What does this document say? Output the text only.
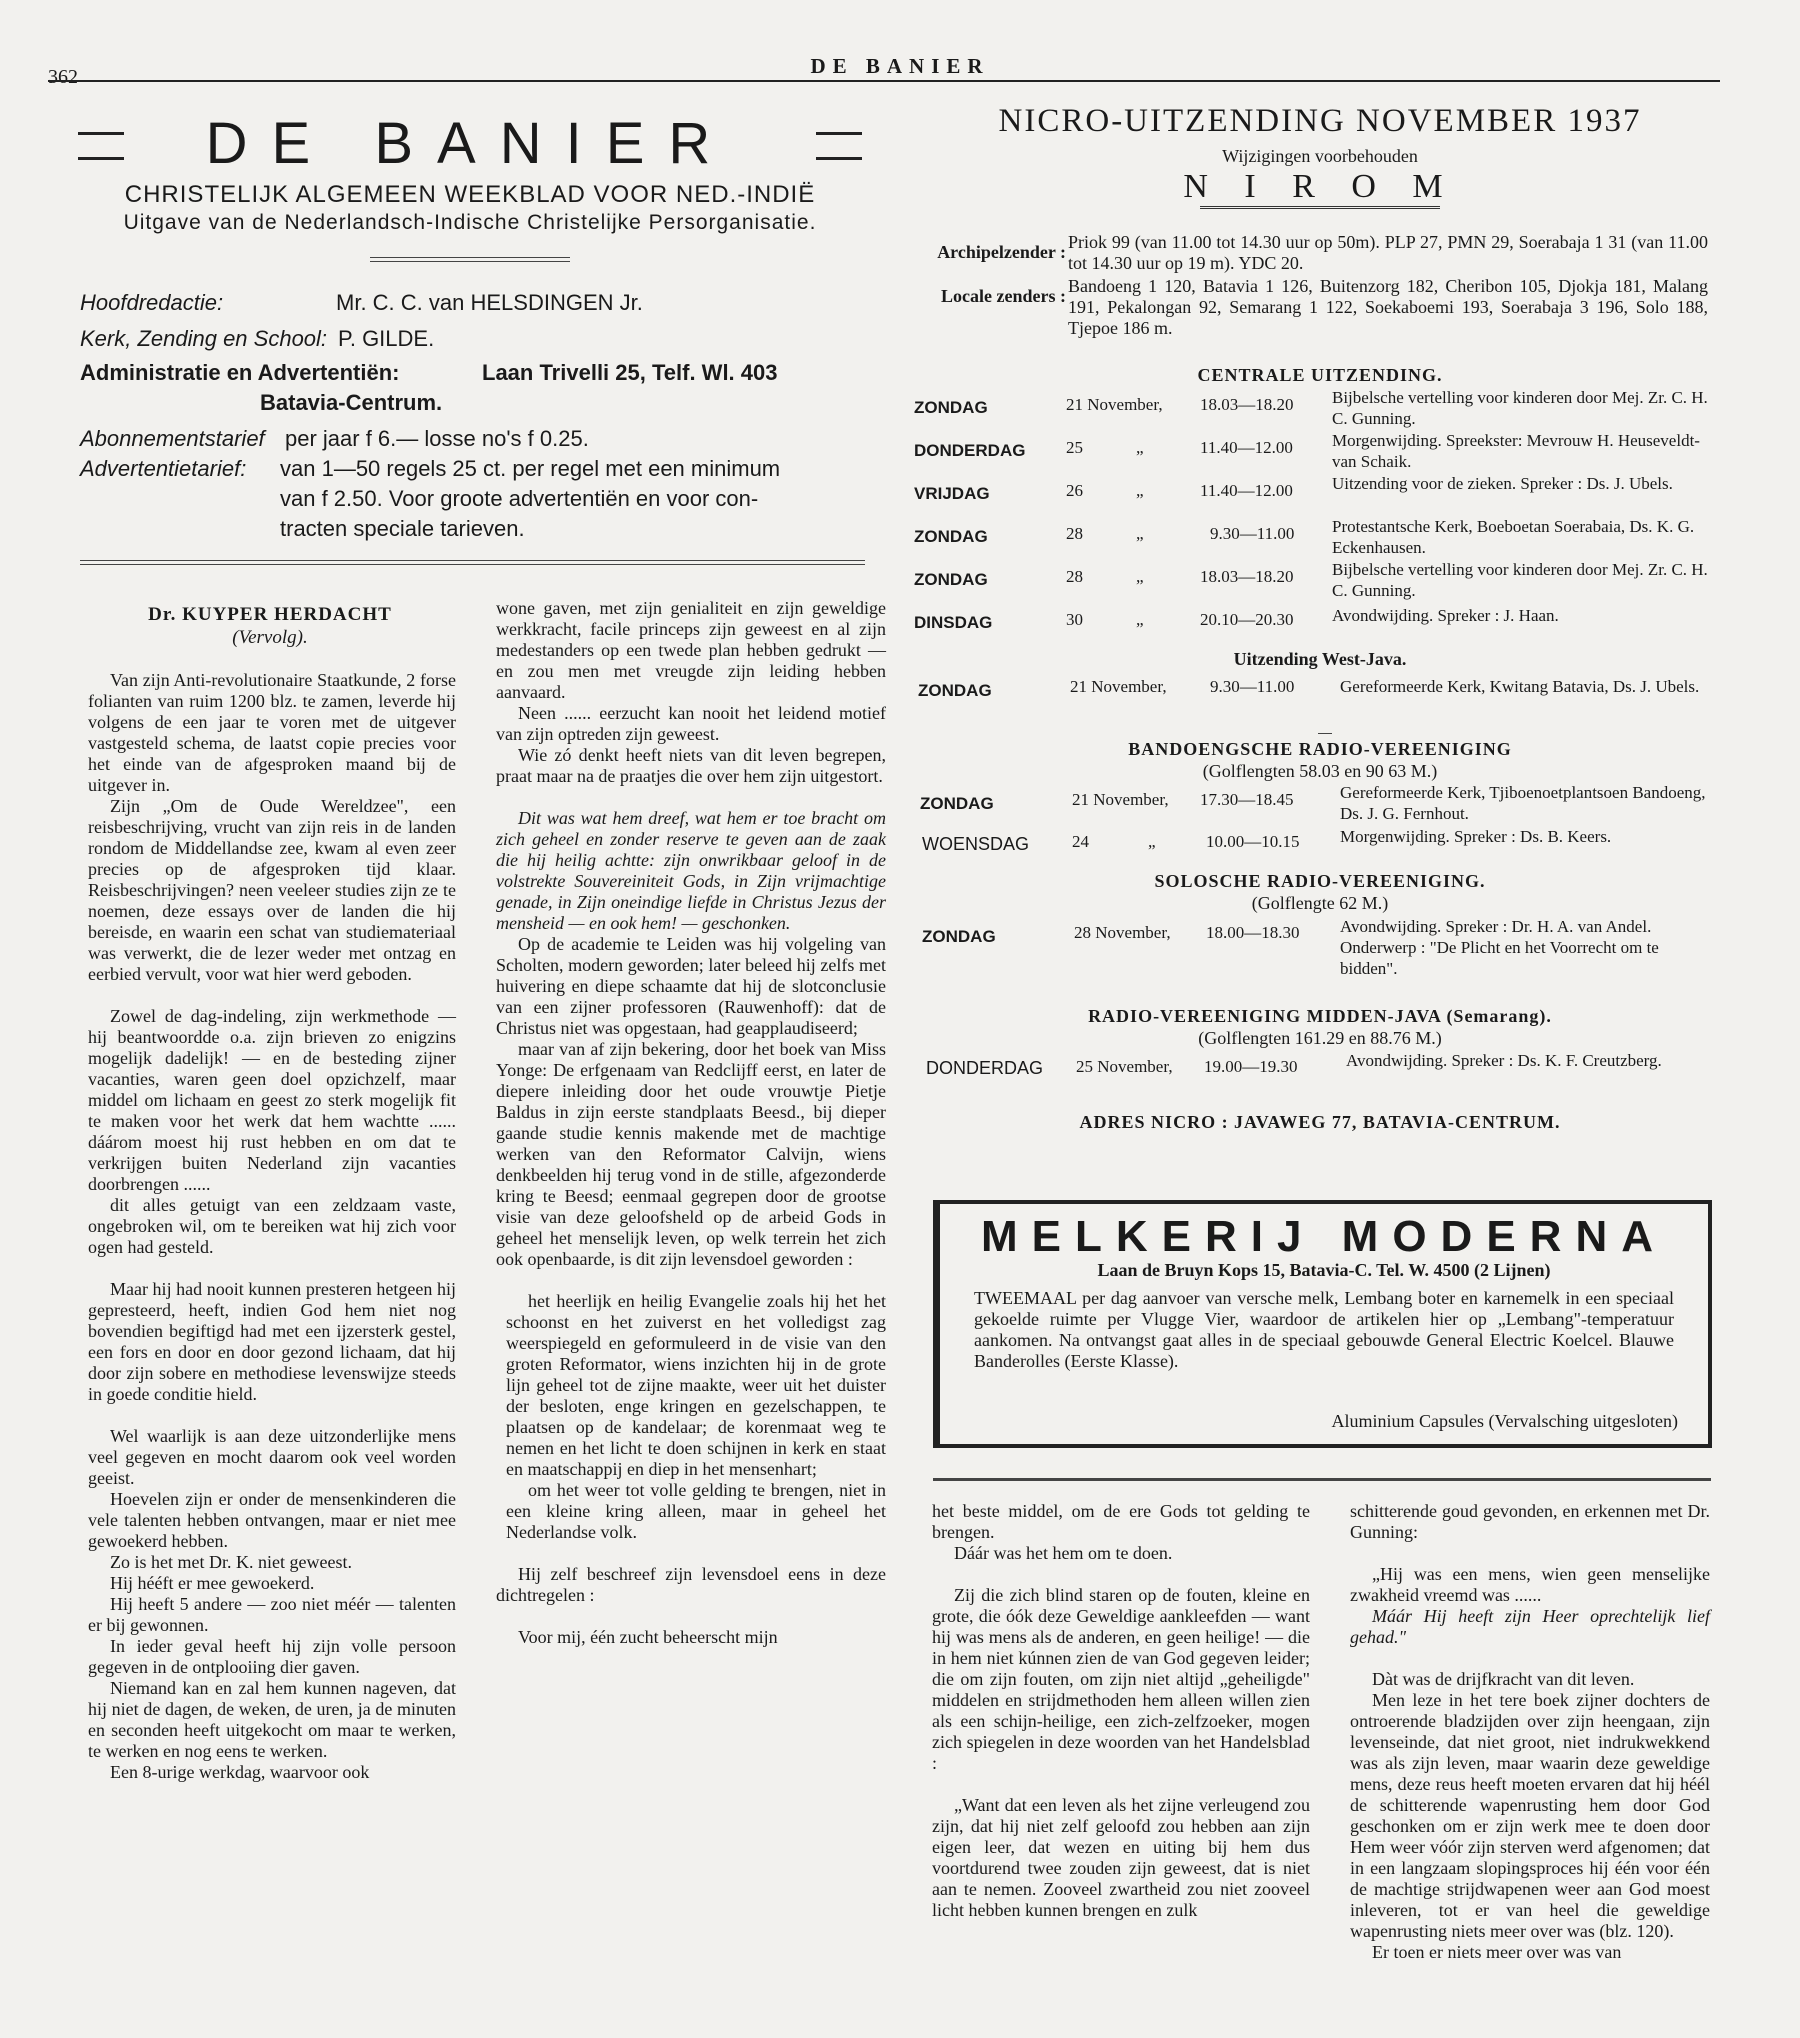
362	DE BANIER
DE BANIER
CHRISTELIJK ALGEMEEN WEEKBLAD VOOR NED.-INDIË
Uitgave van de Nederlandsch-Indische Christelijke Persorganisatie.
Hoofdredactie:	Mr. C. C. van HELSDINGEN Jr.
Kerk, Zending en School: P. GILDE.
Administratie en Advertentiën:	Laan Trivelli 25, Telf. Wl. 403
Batavia-Centrum.
Abonnementstarief per jaar f 6.— losse no's f 0.25.
Advertentietarief: van 1—50 regels 25 ct. per regel met een minimum
van f 2.50. Voor groote advertentiën en voor con-
tracten speciale tarieven.
NICRO-UITZENDING NOVEMBER 1937
Wijzigingen voorbehouden
N I R O M
Archipelzender : Priok 99 (van 11.00 tot 14.30 uur op 50m). PLP 27, PMN 29, Soerabaja 1 31 (van 11.00 tot 14.30 uur op 19 m). YDC 20.
Locale zenders : Bandoeng 1 120, Batavia 1 126, Buitenzorg 182, Cheribon 105, Djokja 181, Malang 191, Pekalongan 92, Semarang 1 122, Soekaboemi 193, Soerabaja 3 196, Solo 188, Tjepoe 186 m.
CENTRALE UITZENDING.
ZONDAG	21 November, 18.03—18.20 Bijbelsche vertelling voor kinderen door Mej. Zr. C. H. C. Gunning.
DONDERDAG 25	„	11.40—12.00 Morgenwijding. Spreekster: Mevrouw H. Heuseveldt-van Schaik.
VRIJDAG	26	„	11.40—12.00 Uitzending voor de zieken. Spreker : Ds. J. Ubels.
ZONDAG	28	„	9.30—11.00 Protestantsche Kerk, Boeboetan Soerabaia, Ds. K. G. Eckenhausen.
ZONDAG	28	„	18.03—18.20 Bijbelsche vertelling voor kinderen door Mej. Zr. C. H. C. Gunning.
DINSDAG	30	„	20.10—20.30 Avondwijding. Spreker : J. Haan.
Uitzending West-Java.
ZONDAG	21 November,	9.30—11.00	Gereformeerde Kerk, Kwitang Batavia, Ds. J. Ubels.
BANDOENGSCHE RADIO-VEREENIGING
(Golflengten 58.03 en 90 63 M.)
ZONDAG	21 November, 17.30—18.45	Gereformeerde Kerk, Tjiboenoetplantsoen Bandoeng, Ds. J. G. Fernhout.
WOENSDAG	24	„	10.00—10.15 Morgenwijding. Spreker : Ds. B. Keers.
SOLOSCHE RADIO-VEREENIGING.
(Golflengte 62 M.)
ZONDAG	28 November, 18.00—18.30 Avondwijding. Spreker : Dr. H. A. van Andel. Onderwerp : "De Plicht en het Voorrecht om te bidden".
RADIO-VEREENIGING MIDDEN-JAVA (Semarang).
(Golflengten 161.29 en 88.76 M.)
DONDERDAG 25 November, 19.00—19.30	Avondwijding. Spreker : Ds. K. F. Creutzberg.
ADRES NICRO : JAVAWEG 77, BATAVIA-CENTRUM.
MELKERIJ MODERNA
Laan de Bruyn Kops 15, Batavia-C. Tel. W. 4500 (2 Lijnen)
TWEEMAAL per dag aanvoer van versche melk, Lembang boter en karnemelk in een speciaal gekoelde ruimte per Vlugge Vier, waardoor de artikelen hier op „Lembang"-temperatuur aankomen. Na ontvangst gaat alles in de speciaal gebouwde General Electric Koelcel. Blauwe Banderolles (Eerste Klasse).
Aluminium Capsules (Vervalsching uitgesloten)
Dr. KUYPER HERDACHT
(Vervolg).

Van zijn Anti-revolutionaire Staatkunde, 2 forse folianten van ruim 1200 blz. te zamen, leverde hij volgens de een jaar te voren met de uitgever vastgesteld schema, de laatst copie precies voor het einde van de afgesproken maand bij de uitgever in.

Zijn „Om de Oude Wereldzee", een reisbeschrijving, vrucht van zijn reis in de landen rondom de Middellandse zee, kwam al even zeer precies op de afgesproken tijd klaar. Reisbeschrijvingen? neen veeleer studies zijn ze te noemen, deze essays over de landen die hij bereisde, en waarin een schat van studiemateriaal was verwerkt, die de lezer weder met ontzag en eerbied vervult, voor wat hier werd geboden.

Zowel de dag-indeling, zijn werkmethode — hij beantwoordde o.a. zijn brieven zo enigzins mogelijk dadelijk! — en de besteding zijner vacanties, waren geen doel opzichzelf, maar middel om lichaam en geest zo sterk mogelijk fit te maken voor het werk dat hem wachtte ...... dáárom moest hij rust hebben en om dat te verkrijgen buiten Nederland zijn vacanties doorbrengen ......

dit alles getuigt van een zeldzaam vaste, ongebroken wil, om te bereiken wat hij zich voor ogen had gesteld.

Maar hij had nooit kunnen presteren hetgeen hij gepresteerd, heeft, indien God hem niet nog bovendien begiftigd had met een ijzersterk gestel, een fors en door en door gezond lichaam, dat hij door zijn sobere en methodiese levenswijze steeds in goede conditie hield.

Wel waarlijk is aan deze uitzonderlijke mens veel gegeven en mocht daarom ook veel worden geeist.

Hoevelen zijn er onder de mensenkinderen die vele talenten hebben ontvangen, maar er niet mee gewoekerd hebben.

Zo is het met Dr. K. niet geweest.

Hij hééft er mee gewoekerd.

Hij heeft 5 andere — zoo niet méér — talenten er bij gewonnen.

In ieder geval heeft hij zijn volle persoon gegeven in de ontplooiing dier gaven.

Niemand kan en zal hem kunnen nageven, dat hij niet de dagen, de weken, de uren, ja de minuten en seconden heeft uitgekocht om maar te werken, te werken en nog eens te werken.

Een 8-urige werkdag, waarvoor ook

wone gaven, met zijn genialiteit en zijn geweldige werkkracht, facile princeps zijn geweest en al zijn medestanders op een twede plan hebben gedrukt — en zou men met vreugde zijn leiding hebben aanvaard.

Neen ...... eerzucht kan nooit het leidend motief van zijn optreden zijn geweest.

Wie zó denkt heeft niets van dit leven begrepen, praat maar na de praatjes die over hem zijn uitgestort.

Dit was wat hem dreef, wat hem er toe bracht om zich geheel en zonder reserve te geven aan de zaak die hij heilig achtte: zijn onwrikbaar geloof in de volstrekte Souvereiniteit Gods, in Zijn vrijmachtige genade, in Zijn oneindige liefde in Christus Jezus der mensheid — en ook hem! — geschonken.

Op de academie te Leiden was hij volgeling van Scholten, modern geworden; later beleed hij zelfs met huivering en diepe schaamte dat hij de slotconclusie van een zijner professoren (Rauwenhoff): dat de Christus niet was opgestaan, had geapplaudiseerd;

maar van af zijn bekering, door het boek van Miss Yonge: De erfgenaam van Redclijff eerst, en later de diepere inleiding door het oude vrouwtje Pietje Baldus in zijn eerste standplaats Beesd., bij dieper gaande studie kennis makende met de machtige werken van den Reformator Calvijn, wiens denkbeelden hij terug vond in de stille, afgezonderde kring te Beesd; eenmaal gegrepen door de grootse visie van deze geloofsheld op de arbeid Gods in geheel het menselijk leven, op welk terrein het zich ook openbaarde, is dit zijn levensdoel geworden :

het heerlijk en heilig Evangelie zoals hij het het schoonst en het zuiverst en het volledigst zag weerspiegeld en geformuleerd in de visie van den groten Reformator, wiens inzichten hij in de grote lijn geheel tot de zijne maakte, weer uit het duister der besloten, enge kringen en gezelschappen, te plaatsen op de kandelaar; de korenmaat weg te nemen en het licht te doen schijnen in kerk en staat en maatschappij en diep in het mensenhart;

om het weer tot volle gelding te brengen, niet in een kleine kring alleen, maar in geheel het Nederlandse volk.

Hij zelf beschreef zijn levensdoel eens in deze dichtregelen :

Voor mij, één zucht beheerscht mijn

het beste middel, om de ere Gods tot gelding te brengen.

Dáár was het hem om te doen.

Zij die zich blind staren op de fouten, kleine en grote, die óók deze Geweldige aankleefden — want hij was mens als de anderen, en geen heilige! — die in hem niet kúnnen zien de van God gegeven leider; die om zijn fouten, om zijn niet altijd „geheiligde" middelen en strijdmethoden hem alleen willen zien als een schijn-heilige, een zich-zelfzoeker, mogen zich spiegelen in deze woorden van het Handelsblad :

„Want dat een leven als het zijne verleugend zou zijn, dat hij niet zelf geloofd zou hebben aan zijn eigen leer, dat wezen en uiting bij hem dus voortdurend twee zouden zijn geweest, dat is niet aan te nemen. Zooveel zwartheid zou niet zooveel licht hebben kunnen brengen en zulk

schitterende goud gevonden, en erkennen met Dr. Gunning:

„Hij was een mens, wien geen menselijke zwakheid vreemd was ......

Máár Hij heeft zijn Heer oprechtelijk lief gehad."

Dàt was de drijfkracht van dit leven.

Men leze in het tere boek zijner dochters de ontroerende bladzijden over zijn heengaan, zijn levenseinde, dat niet groot, niet indrukwekkend was als zijn leven, maar waarin deze geweldige mens, deze reus heeft moeten ervaren dat hij héél de schitterende wapenrusting hem door God geschonken om er zijn werk mee te doen door Hem weer vóór zijn sterven werd afgenomen; dat in een langzaam slopingsproces hij één voor één de machtige strijdwapenen weer aan God moest inleveren, tot er van heel die geweldige wapenrusting niets meer over was (blz. 120).

Er toen er niets meer over was van
